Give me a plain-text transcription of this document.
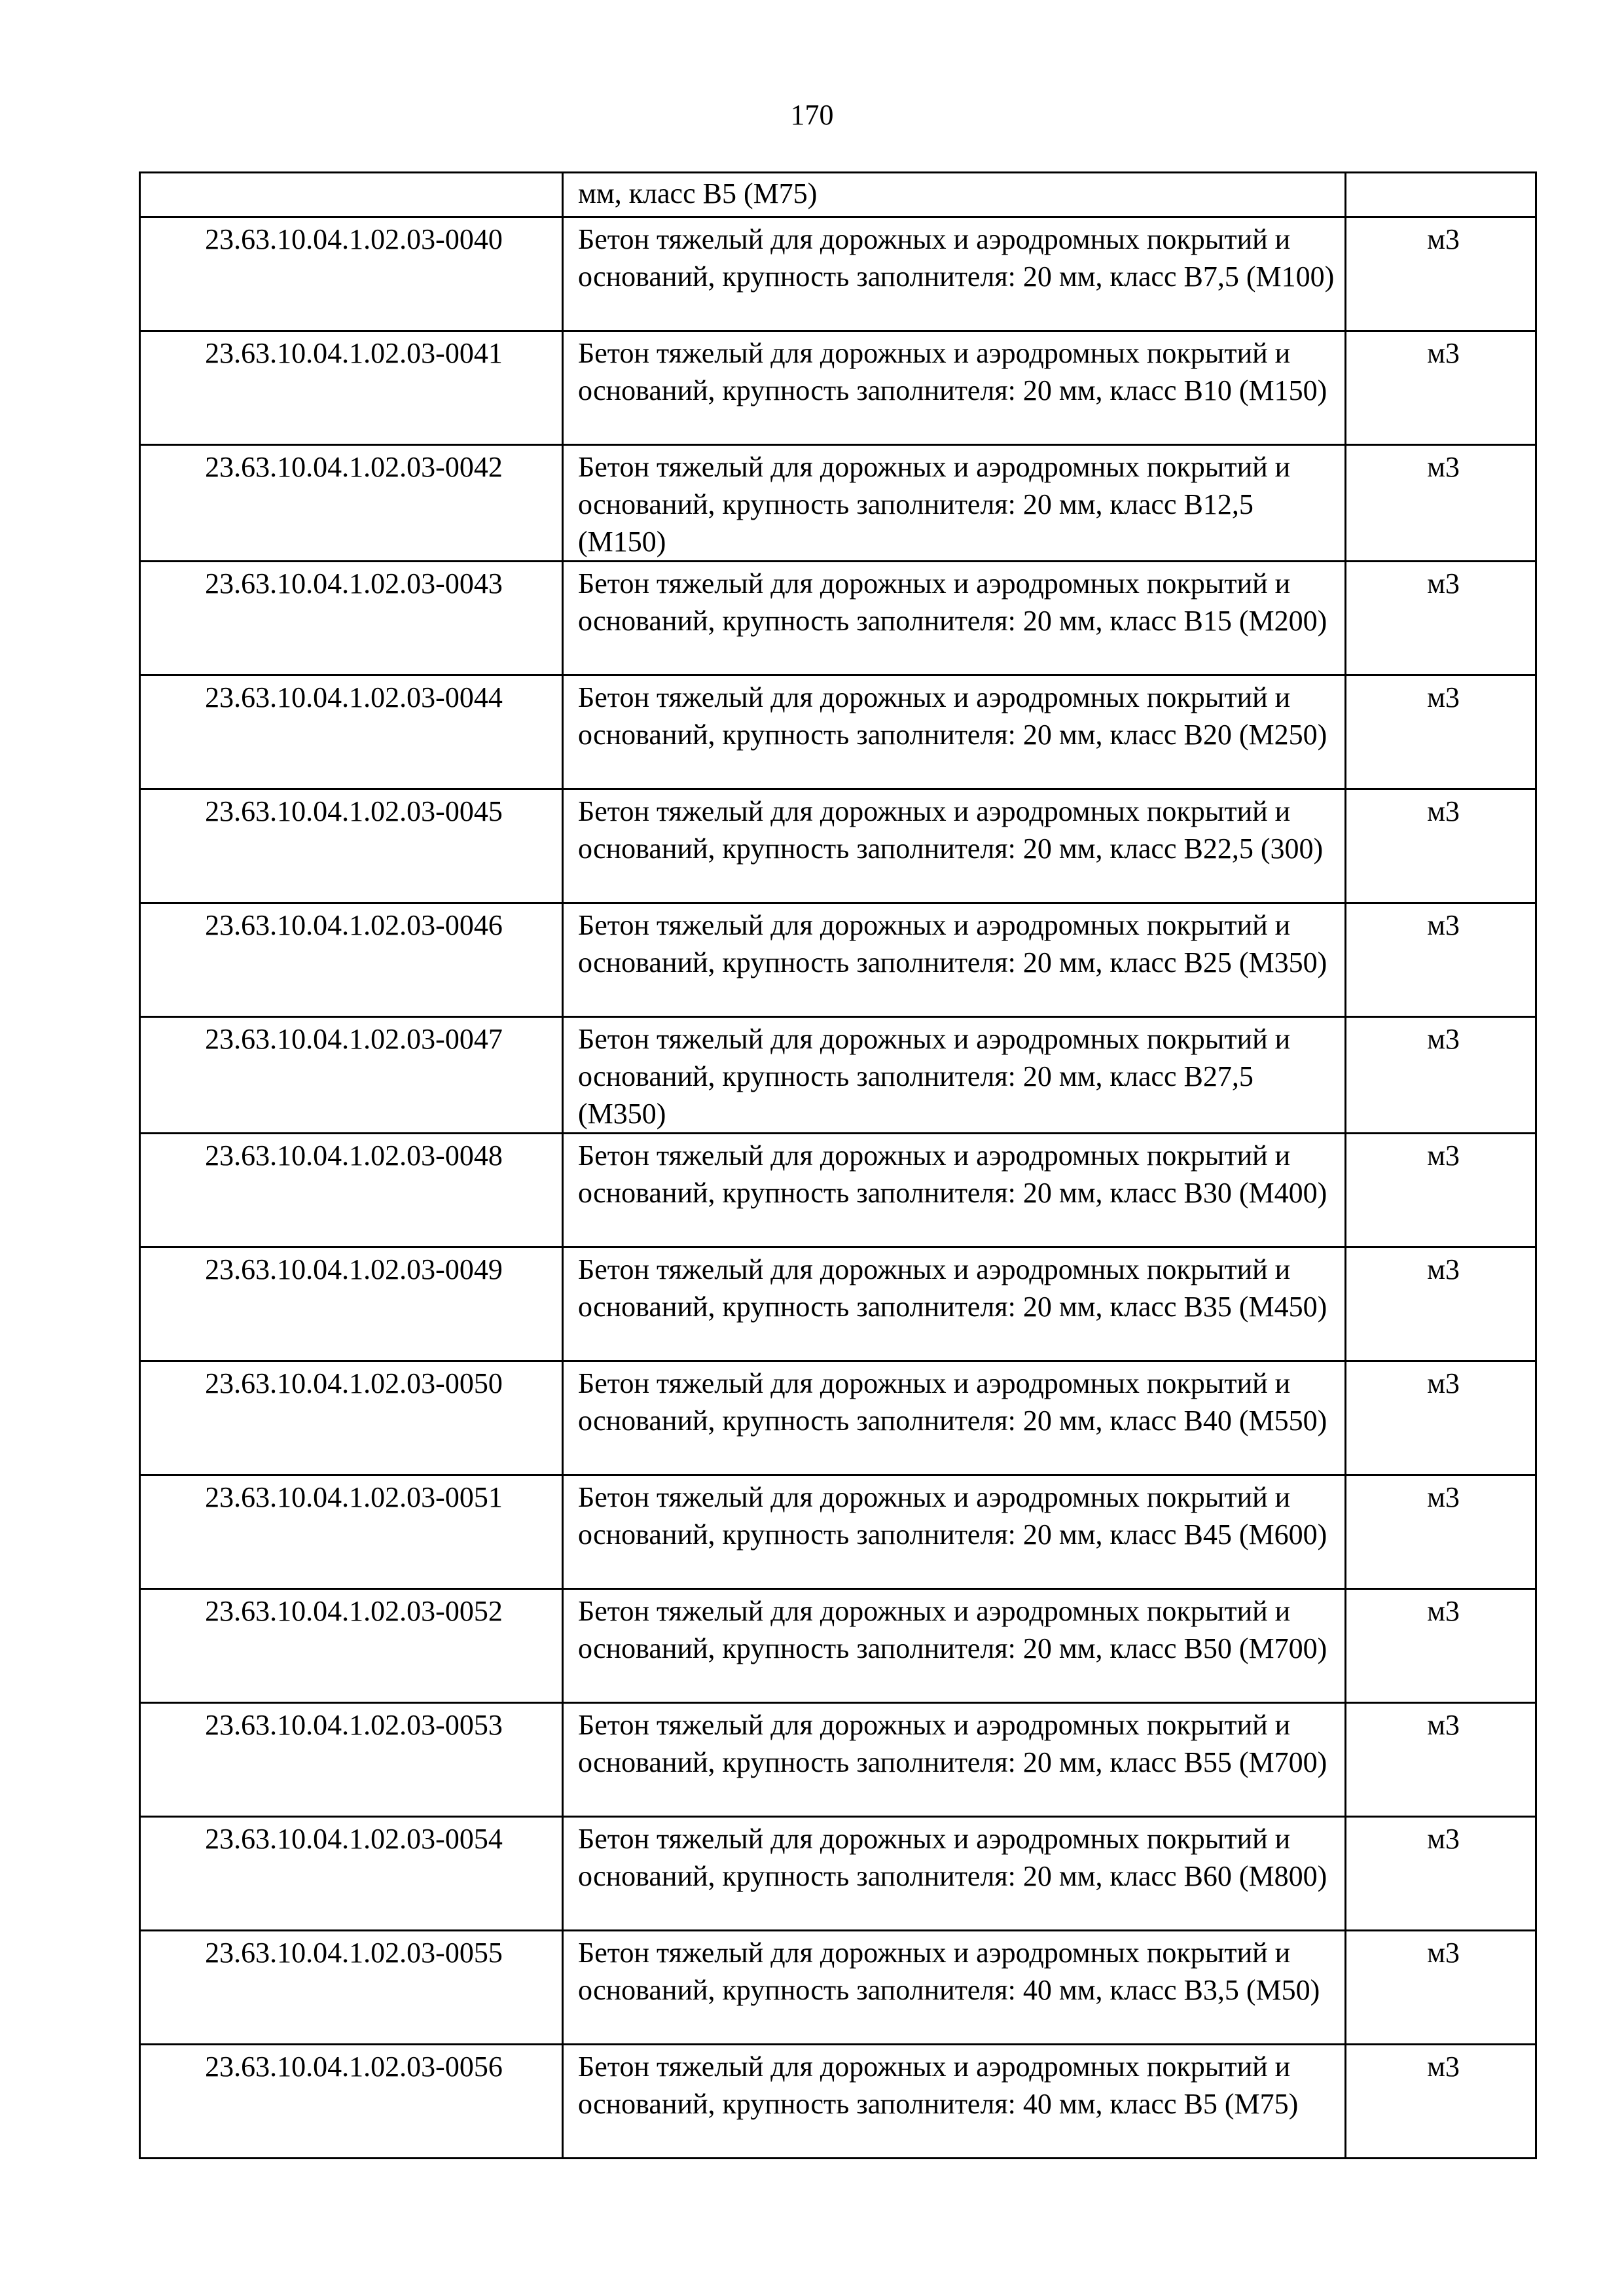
170
	мм, класс В5 (М75)	
23.63.10.04.1.02.03-0040	Бетон тяжелый для дорожных и аэродромных покрытий и оснований, крупность заполнителя: 20 мм, класс В7,5 (М100)	м3
23.63.10.04.1.02.03-0041	Бетон тяжелый для дорожных и аэродромных покрытий и оснований, крупность заполнителя: 20 мм, класс В10 (М150)	м3
23.63.10.04.1.02.03-0042	Бетон тяжелый для дорожных и аэродромных покрытий и оснований, крупность заполнителя: 20 мм, класс В12,5 (М150)	м3
23.63.10.04.1.02.03-0043	Бетон тяжелый для дорожных и аэродромных покрытий и оснований, крупность заполнителя: 20 мм, класс В15 (М200)	м3
23.63.10.04.1.02.03-0044	Бетон тяжелый для дорожных и аэродромных покрытий и оснований, крупность заполнителя: 20 мм, класс В20 (М250)	м3
23.63.10.04.1.02.03-0045	Бетон тяжелый для дорожных и аэродромных покрытий и оснований, крупность заполнителя: 20 мм, класс В22,5 (300)	м3
23.63.10.04.1.02.03-0046	Бетон тяжелый для дорожных и аэродромных покрытий и оснований, крупность заполнителя: 20 мм, класс В25 (М350)	м3
23.63.10.04.1.02.03-0047	Бетон тяжелый для дорожных и аэродромных покрытий и оснований, крупность заполнителя: 20 мм, класс В27,5 (М350)	м3
23.63.10.04.1.02.03-0048	Бетон тяжелый для дорожных и аэродромных покрытий и оснований, крупность заполнителя: 20 мм, класс В30 (М400)	м3
23.63.10.04.1.02.03-0049	Бетон тяжелый для дорожных и аэродромных покрытий и оснований, крупность заполнителя: 20 мм, класс В35 (М450)	м3
23.63.10.04.1.02.03-0050	Бетон тяжелый для дорожных и аэродромных покрытий и оснований, крупность заполнителя: 20 мм, класс В40 (М550)	м3
23.63.10.04.1.02.03-0051	Бетон тяжелый для дорожных и аэродромных покрытий и оснований, крупность заполнителя: 20 мм, класс В45 (М600)	м3
23.63.10.04.1.02.03-0052	Бетон тяжелый для дорожных и аэродромных покрытий и оснований, крупность заполнителя: 20 мм, класс В50 (М700)	м3
23.63.10.04.1.02.03-0053	Бетон тяжелый для дорожных и аэродромных покрытий и оснований, крупность заполнителя: 20 мм, класс В55 (М700)	м3
23.63.10.04.1.02.03-0054	Бетон тяжелый для дорожных и аэродромных покрытий и оснований, крупность заполнителя: 20 мм, класс В60 (М800)	м3
23.63.10.04.1.02.03-0055	Бетон тяжелый для дорожных и аэродромных покрытий и оснований, крупность заполнителя: 40 мм, класс В3,5 (М50)	м3
23.63.10.04.1.02.03-0056	Бетон тяжелый для дорожных и аэродромных покрытий и оснований, крупность заполнителя: 40 мм, класс В5 (М75)	м3
